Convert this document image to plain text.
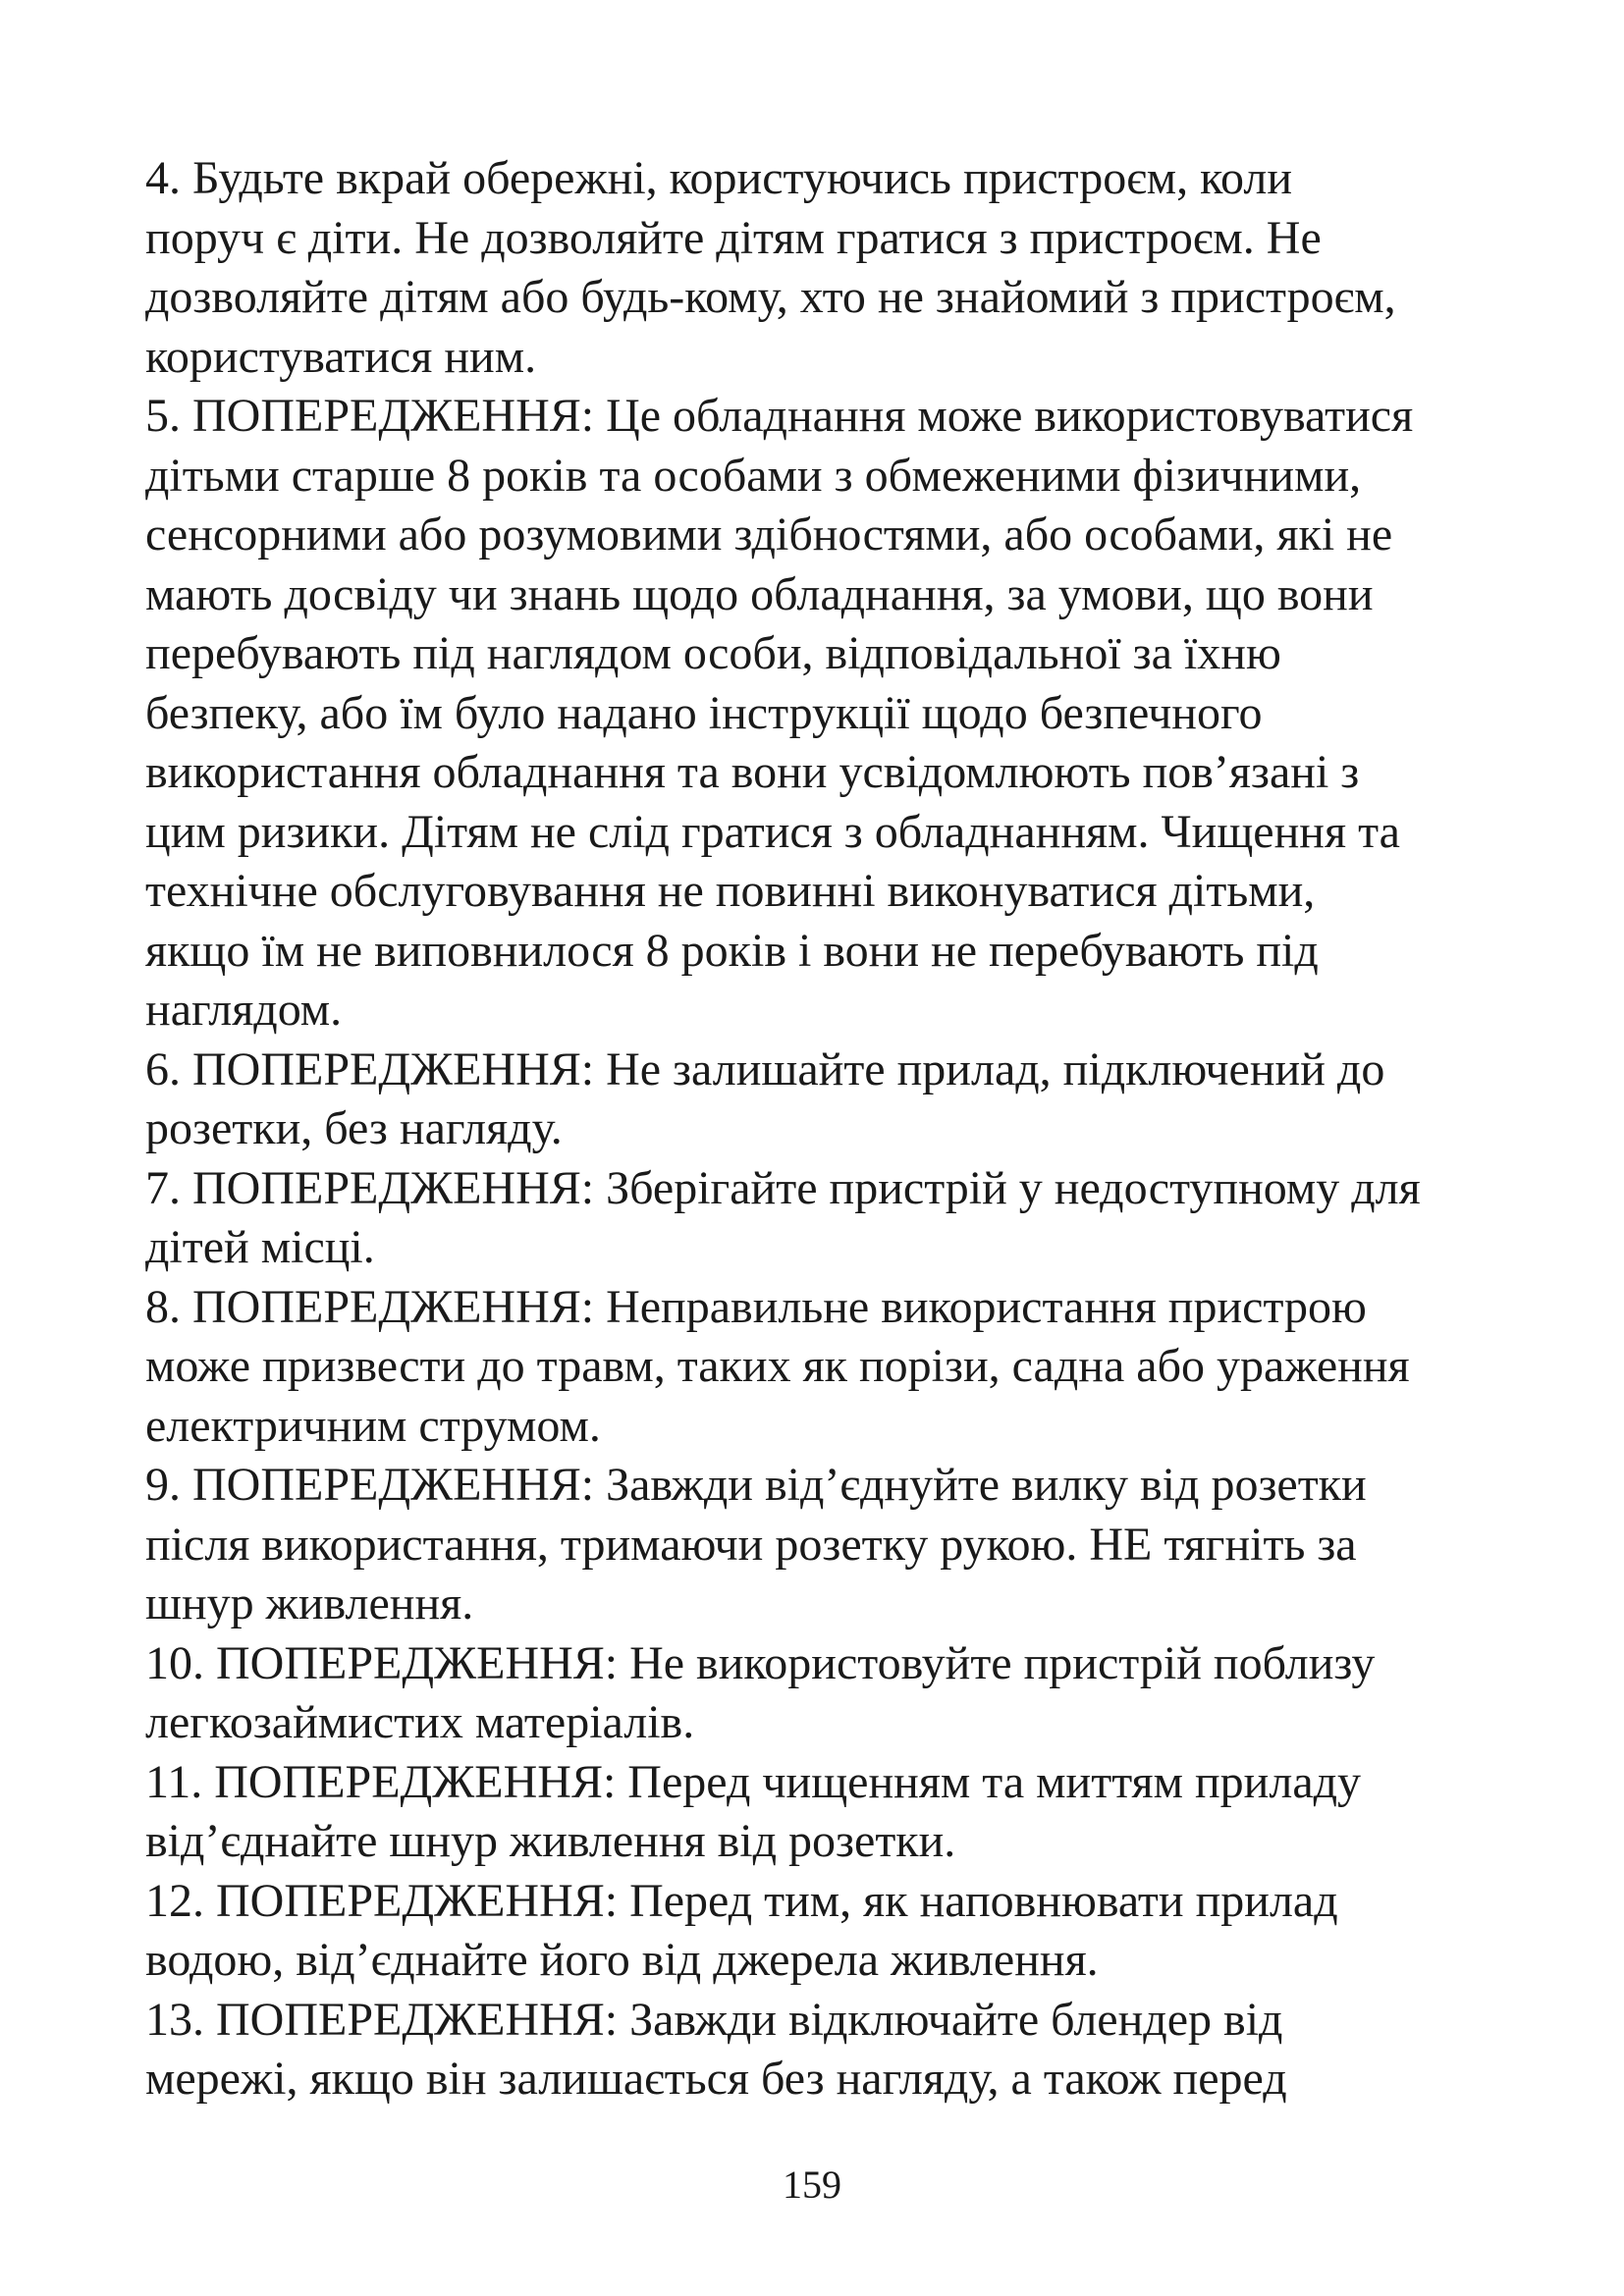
4. Будьте вкрай обережні, користуючись пристроєм, коли
поруч є діти. Не дозволяйте дітям гратися з пристроєм. Не
дозволяйте дітям або будь-кому, хто не знайомий з пристроєм,
користуватися ним.
5. ПОПЕРЕДЖЕННЯ: Це обладнання може використовуватися
дітьми старше 8 років та особами з обмеженими фізичними,
сенсорними або розумовими здібностями, або особами, які не
мають досвіду чи знань щодо обладнання, за умови, що вони
перебувають під наглядом особи, відповідальної за їхню
безпеку, або їм було надано інструкції щодо безпечного
використання обладнання та вони усвідомлюють пов’язані з
цим ризики. Дітям не слід гратися з обладнанням. Чищення та
технічне обслуговування не повинні виконуватися дітьми,
якщо їм не виповнилося 8 років і вони не перебувають під
наглядом.
6. ПОПЕРЕДЖЕННЯ: Не залишайте прилад, підключений до
розетки, без нагляду.
7. ПОПЕРЕДЖЕННЯ: Зберігайте пристрій у недоступному для
дітей місці.
8. ПОПЕРЕДЖЕННЯ: Неправильне використання пристрою
може призвести до травм, таких як порізи, садна або ураження
електричним струмом.
9. ПОПЕРЕДЖЕННЯ: Завжди від’єднуйте вилку від розетки
після використання, тримаючи розетку рукою. НЕ тягніть за
шнур живлення.
10. ПОПЕРЕДЖЕННЯ: Не використовуйте пристрій поблизу
легкозаймистих матеріалів.
11. ПОПЕРЕДЖЕННЯ: Перед чищенням та миттям приладу
від’єднайте шнур живлення від розетки.
12. ПОПЕРЕДЖЕННЯ: Перед тим, як наповнювати прилад
водою, від’єднайте його від джерела живлення.
13. ПОПЕРЕДЖЕННЯ: Завжди відключайте блендер від
мережі, якщо він залишається без нагляду, а також перед
159
